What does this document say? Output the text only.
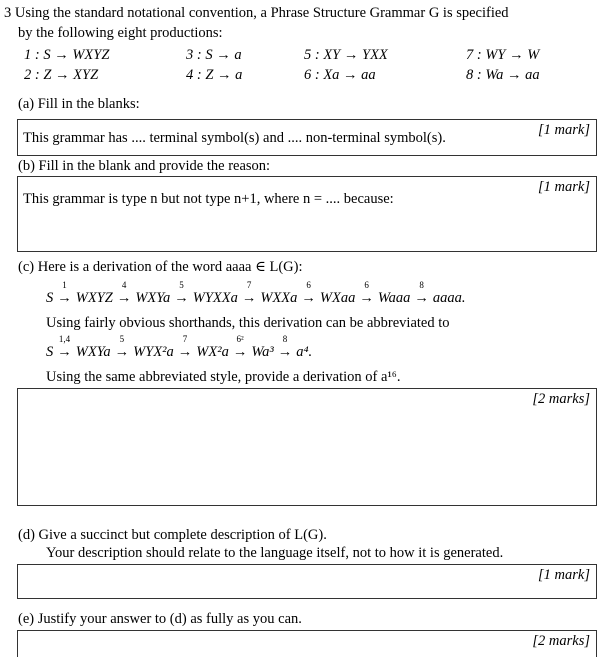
3 Using the standard notational convention, a Phrase Structure Grammar G is specified
by the following eight productions:
1 : S → WXYZ	3 : S → a	5 : XY → YXX	7 : WY → W
2 : Z → XYZ	4 : Z → a	6 : Xa → aa	8 : Wa → aa
(a) Fill in the blanks:
This grammar has .... terminal symbol(s) and .... non-terminal symbol(s).	[1 mark]
(b) Fill in the blank and provide the reason:
This grammar is type n but not type n+1, where n = .... because:
[1 mark]
(c) Here is a derivation of the word aaaa ∈ L(G):
S
1
→ WXYZ
4
→ WXYa
5
→ WYXXa
7
→ WXXa
6
→ WXaa
6
→ Waaa
8
→ aaaa.
Using fairly obvious shorthands, this derivation can be abbreviated to
S
1,4
→ WXYa
5
→ WYX²a
7
→ WX²a
6²
→ Wa³
8
→ a⁴.
Using the same abbreviated style, provide a derivation of a¹⁶.
[2 marks]
(d) Give a succinct but complete description of L(G).
Your description should relate to the language itself, not to how it is generated.
[1 mark]
(e) Justify your answer to (d) as fully as you can.
[2 marks]
